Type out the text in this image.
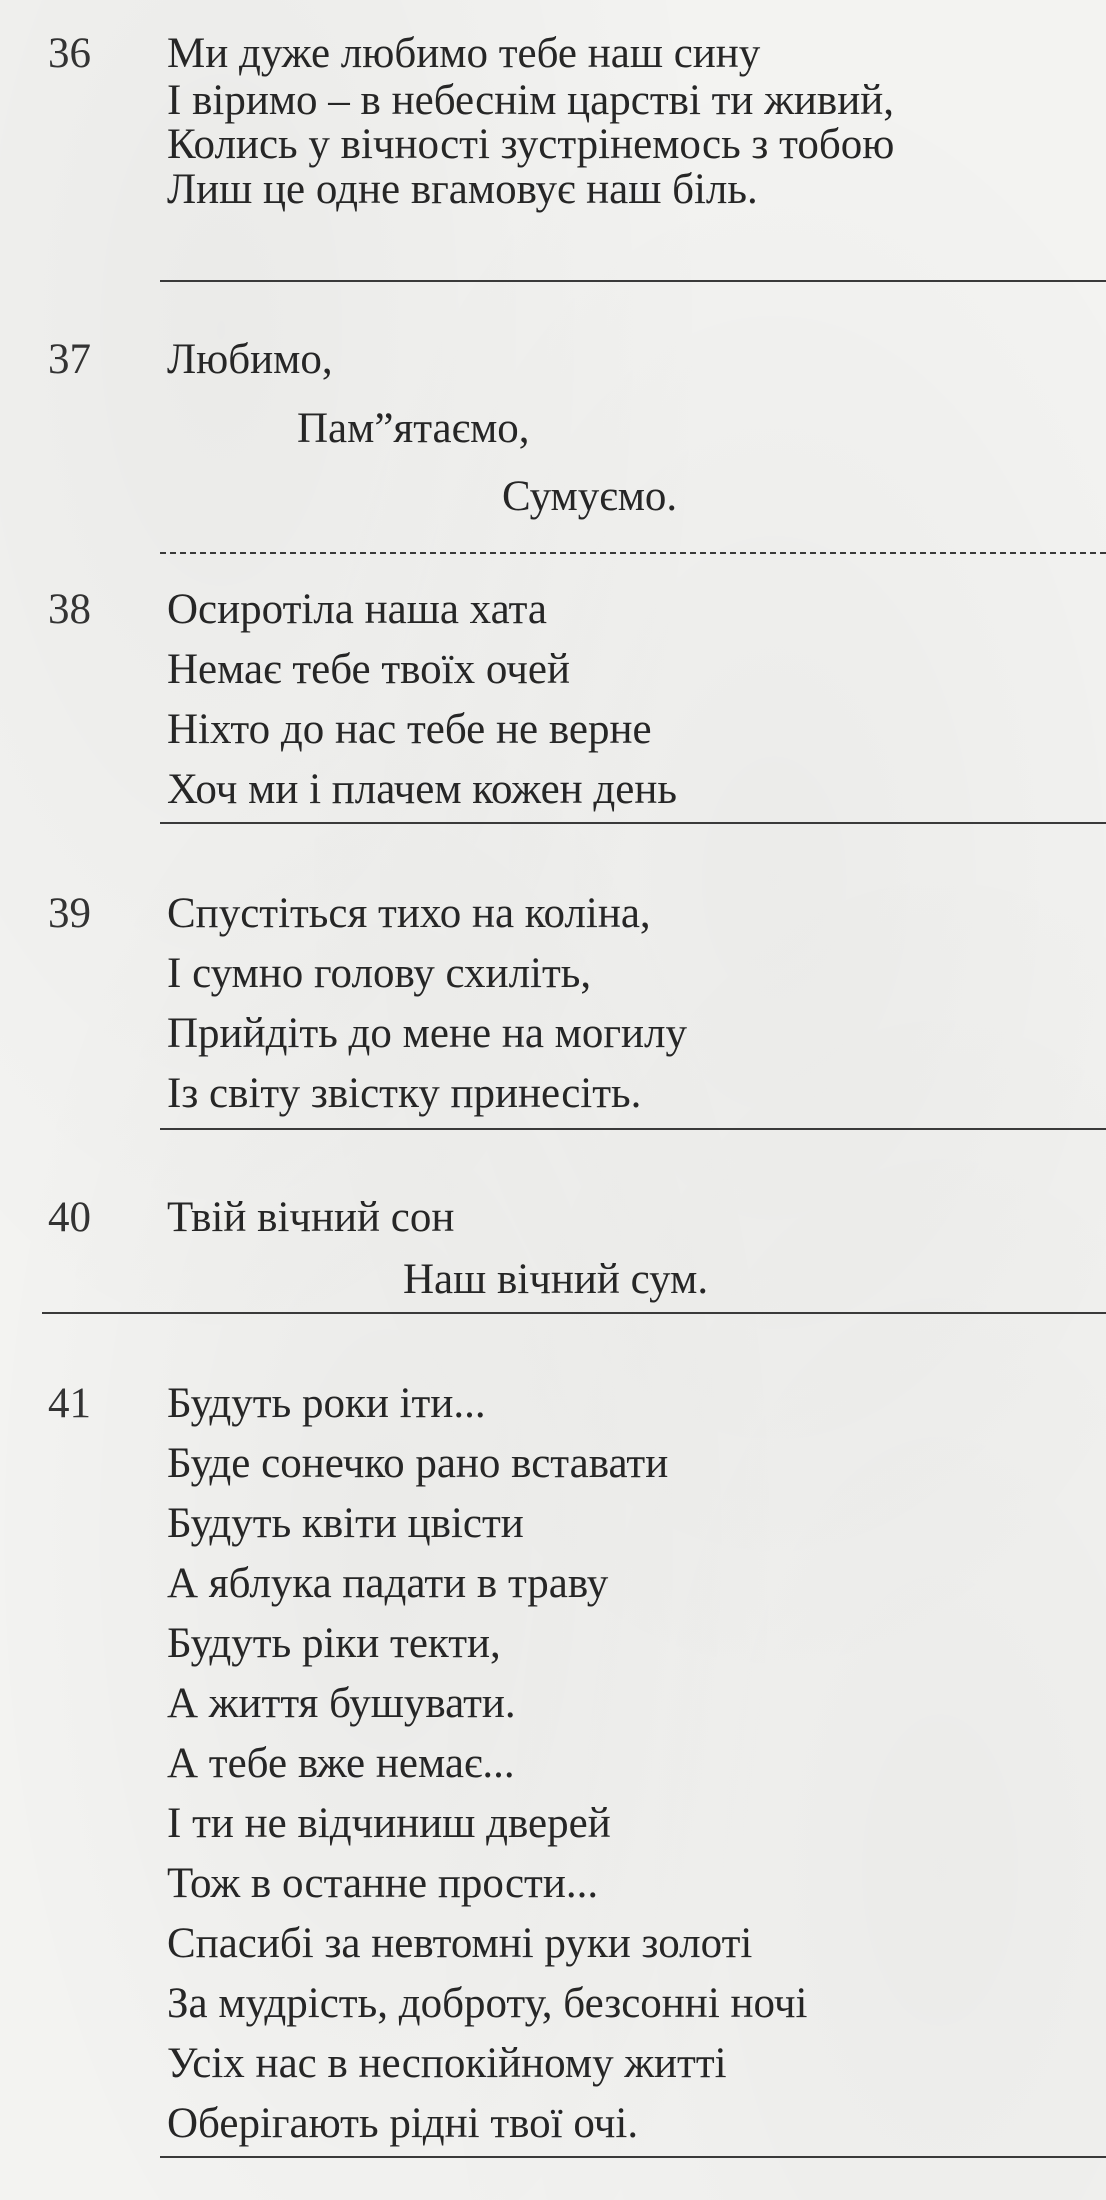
36 Ми дуже любимо тебе наш сину
І віримо – в небеснім царстві ти живий,
Колись у вічності зустрінемось з тобою
Лиш це одне вгамовує наш біль.
37 Любимо,
Пам”ятаємо,
Сумуємо.
38 Осиротіла наша хата
Немає тебе твоїх очей
Ніхто до нас тебе не верне
Хоч ми і плачем кожен день
39 Спустіться тихо на коліна,
І сумно голову схиліть,
Прийдіть до мене на могилу
Із світу звістку принесіть.
40 Твій вічний сон
Наш вічний сум.
41 Будуть роки іти...
Буде сонечко рано вставати
Будуть квіти цвісти
А яблука падати в траву
Будуть ріки текти,
А життя бушувати.
А тебе вже немає...
І ти не відчиниш дверей
Тож в останне прости...
Спасибі за невтомні руки золоті
За мудрість, доброту, безсонні ночі
Усіх нас в неспокійному житті
Оберігають рідні твої очі.
